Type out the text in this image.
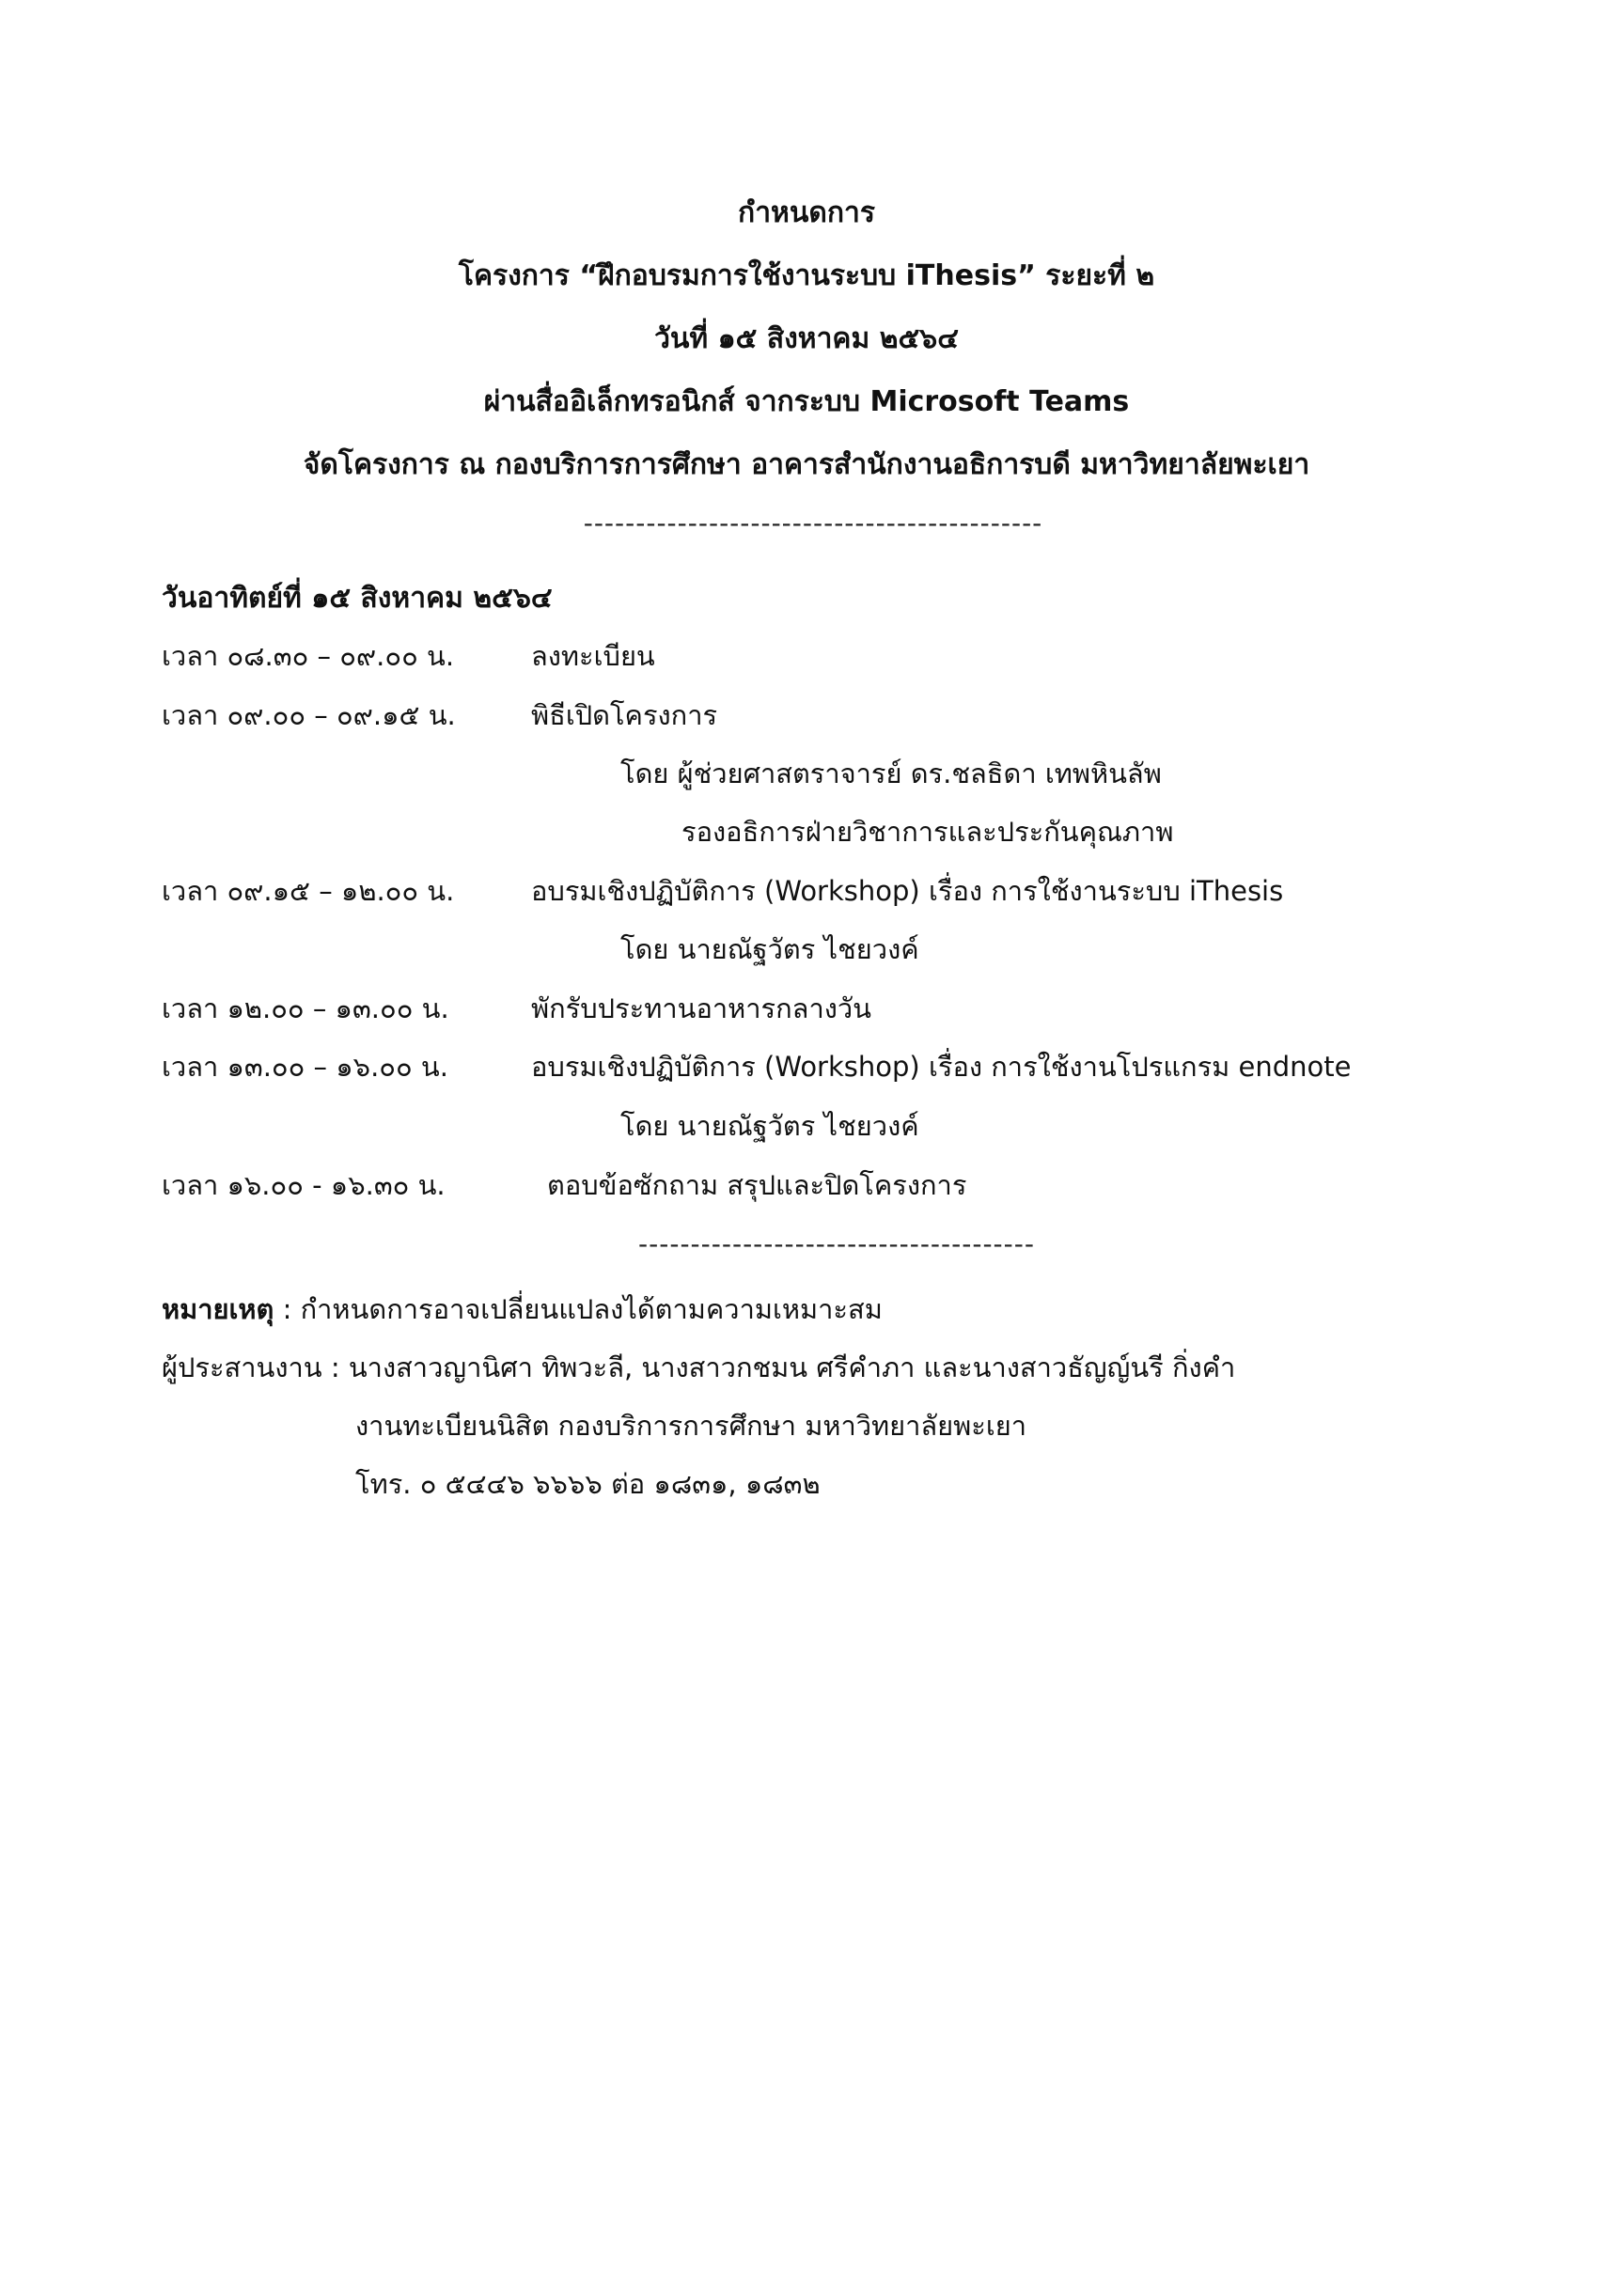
กำหนดการ
โครงการ “ฝึกอบรมการใช้งานระบบ iThesis” ระยะที่ ๒
วันที่ ๑๕ สิงหาคม ๒๕๖๔
ผ่านสื่ออิเล็กทรอนิกส์ จากระบบ Microsoft Teams
จัดโครงการ ณ กองบริการการศึกษา อาคารสำนักงานอธิการบดี มหาวิทยาลัยพะเยา
--------------------------------------------
วันอาทิตย์ที่ ๑๕ สิงหาคม ๒๕๖๔
เวลา ๐๘.๓๐ – ๐๙.๐๐ น.	ลงทะเบียน
เวลา ๐๙.๐๐ – ๐๙.๑๕ น.	พิธีเปิดโครงการ
โดย ผู้ช่วยศาสตราจารย์ ดร.ชลธิดา เทพหินลัพ
รองอธิการฝ่ายวิชาการและประกันคุณภาพ
เวลา ๐๙.๑๕ – ๑๒.๐๐ น.	อบรมเชิงปฏิบัติการ (Workshop) เรื่อง การใช้งานระบบ iThesis
โดย นายณัฐวัตร ไชยวงค์
เวลา ๑๒.๐๐ – ๑๓.๐๐ น.	พักรับประทานอาหารกลางวัน
เวลา ๑๓.๐๐ – ๑๖.๐๐ น.	อบรมเชิงปฏิบัติการ (Workshop) เรื่อง การใช้งานโปรแกรม endnote
โดย นายณัฐวัตร ไชยวงค์
เวลา ๑๖.๐๐ - ๑๖.๓๐ น.	ตอบข้อซักถาม สรุปและปิดโครงการ
--------------------------------------
หมายเหตุ : กำหนดการอาจเปลี่ยนแปลงได้ตามความเหมาะสม
ผู้ประสานงาน : นางสาวญานิศา ทิพวะลี, นางสาวกชมน ศรีคำภา และนางสาวธัญญ์นรี กิ่งคำ
งานทะเบียนนิสิต กองบริการการศึกษา มหาวิทยาลัยพะเยา
โทร. ๐ ๕๔๔๖ ๖๖๖๖ ต่อ ๑๘๓๑, ๑๘๓๒
